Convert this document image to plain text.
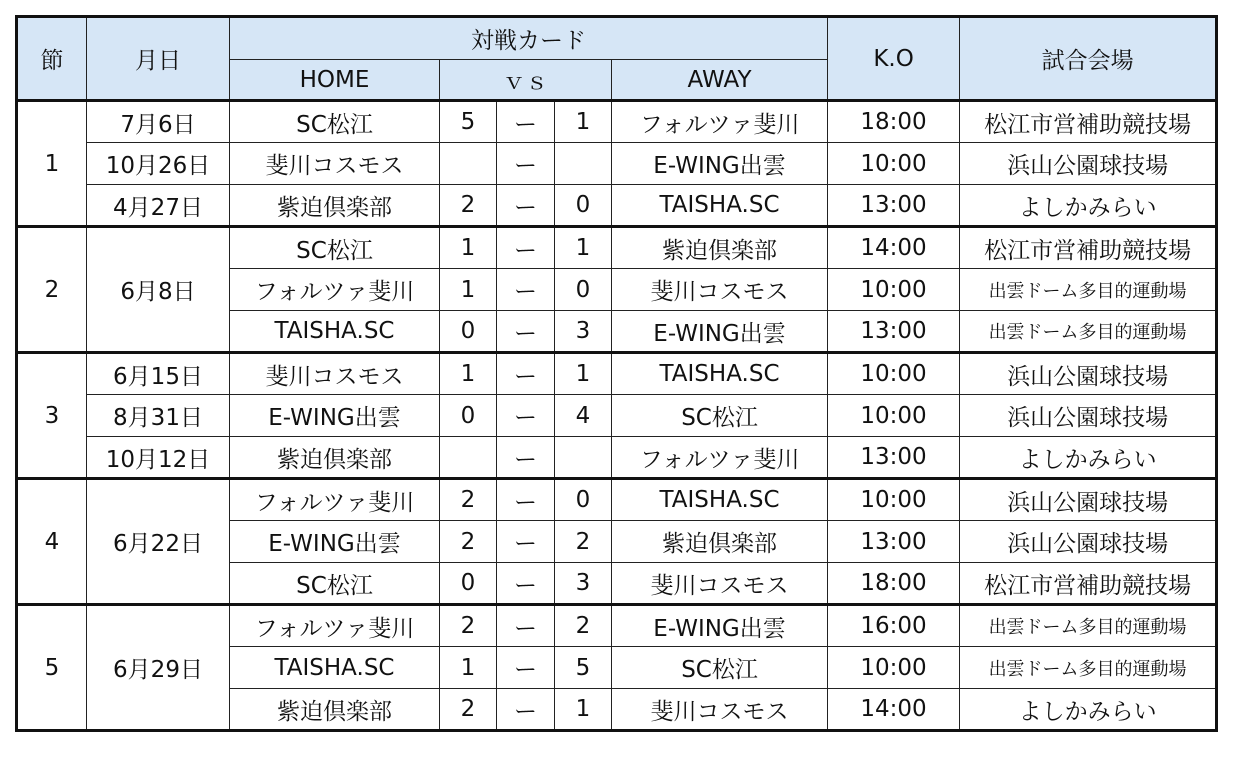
節	月日	対戦カード					K.O	試合会場
		HOME	ｖｓ			AWAY		
1	7月6日	SC松江	5	ー	1	フォルツァ斐川	18:00	松江市営補助競技場
	10月26日	斐川コスモス		ー		E-WING出雲	10:00	浜山公園球技場
	4月27日	紫迫倶楽部	2	ー	0	TAISHA.SC	13:00	よしかみらい
2	6月8日	SC松江	1	ー	1	紫迫倶楽部	14:00	松江市営補助競技場
		フォルツァ斐川	1	ー	0	斐川コスモス	10:00	出雲ドーム多目的運動場
		TAISHA.SC	0	ー	3	E-WING出雲	13:00	出雲ドーム多目的運動場
3	6月15日	斐川コスモス	1	ー	1	TAISHA.SC	10:00	浜山公園球技場
	8月31日	E-WING出雲	0	ー	4	SC松江	10:00	浜山公園球技場
	10月12日	紫迫倶楽部		ー		フォルツァ斐川	13:00	よしかみらい
4	6月22日	フォルツァ斐川	2	ー	0	TAISHA.SC	10:00	浜山公園球技場
		E-WING出雲	2	ー	2	紫迫倶楽部	13:00	浜山公園球技場
		SC松江	0	ー	3	斐川コスモス	18:00	松江市営補助競技場
5	6月29日	フォルツァ斐川	2	ー	2	E-WING出雲	16:00	出雲ドーム多目的運動場
		TAISHA.SC	1	ー	5	SC松江	10:00	出雲ドーム多目的運動場
		紫迫倶楽部	2	ー	1	斐川コスモス	14:00	よしかみらい
